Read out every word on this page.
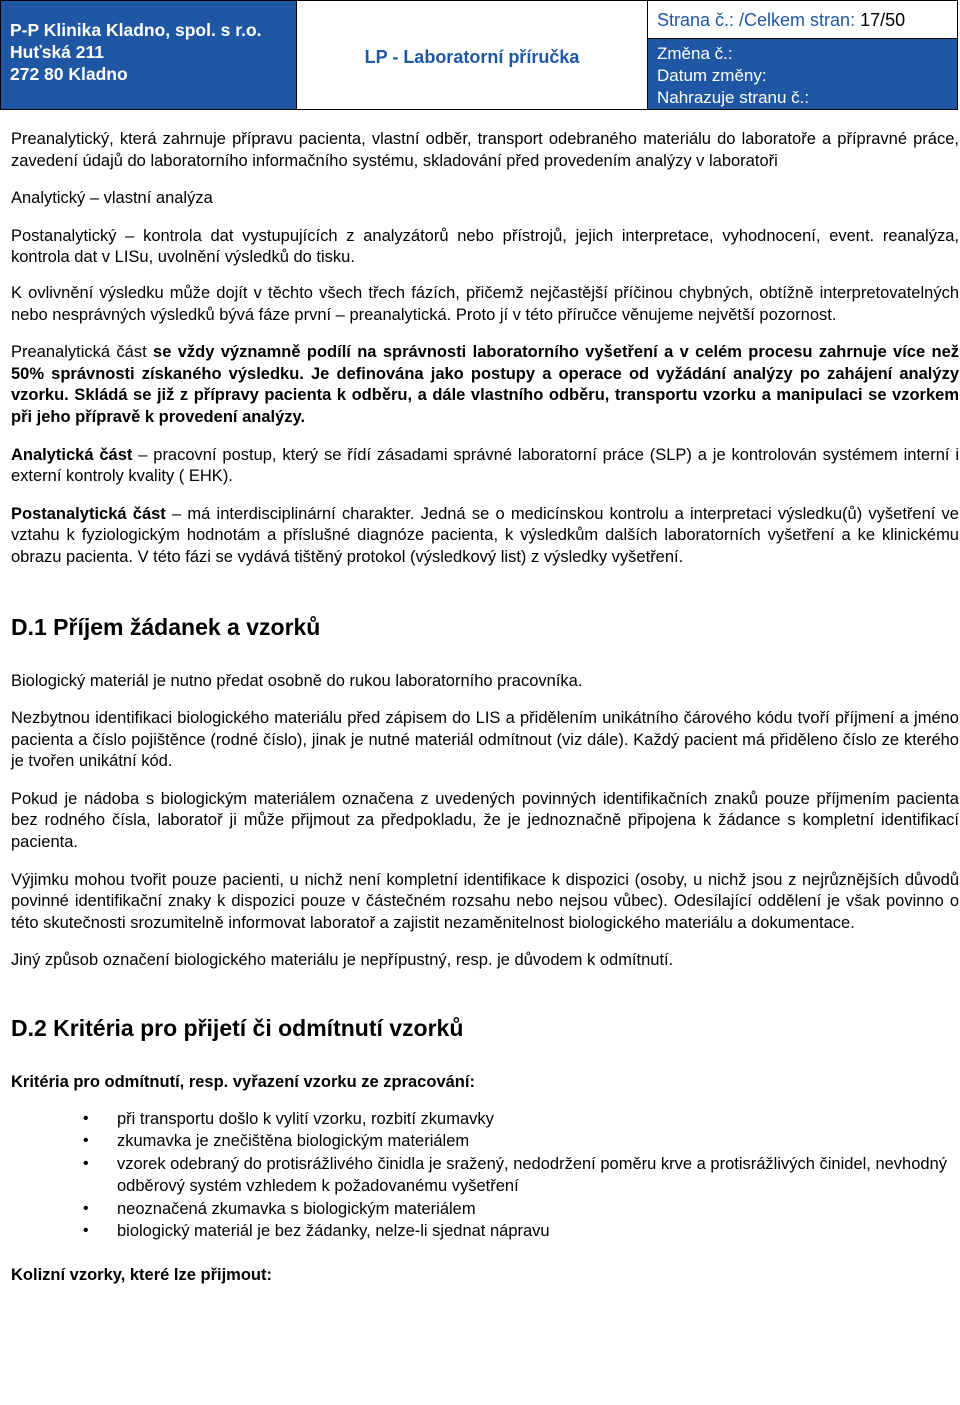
P-P Klinika Kladno, spol. s r.o.
Huťská 211
272 80 Kladno
LP - Laboratorní příručka
Strana č.: /Celkem stran: 17/50
Změna č.:
Datum změny:
Nahrazuje stranu č.:

Preanalytický, která zahrnuje přípravu pacienta, vlastní odběr, transport odebraného materiálu do laboratoře a přípravné práce, zavedení údajů do laboratorního informačního systému, skladování před provedením analýzy v laboratoři

Analytický – vlastní analýza

Postanalytický – kontrola dat vystupujících z analyzátorů nebo přístrojů, jejich interpretace, vyhodnocení, event. reanalýza, kontrola dat v LISu, uvolnění výsledků do tisku.

K ovlivnění výsledku může dojít v těchto všech třech fázích, přičemž nejčastější příčinou chybných, obtížně interpretovatelných nebo nesprávných výsledků bývá fáze první – preanalytická. Proto jí v této příručce věnujeme největší pozornost.

Preanalytická část se vždy významně podílí na správnosti laboratorního vyšetření a v celém procesu zahrnuje více než 50% správnosti získaného výsledku. Je definována jako postupy a operace od vyžádání analýzy po zahájení analýzy vzorku. Skládá se již z přípravy pacienta k odběru, a dále vlastního odběru, transportu vzorku a manipulaci se vzorkem při jeho přípravě k provedení analýzy.

Analytická část – pracovní postup, který se řídí zásadami správné laboratorní práce (SLP) a je kontrolován systémem interní i externí kontroly kvality ( EHK).

Postanalytická část – má interdisciplinární charakter. Jedná se o medicínskou kontrolu a interpretaci výsledku(ů) vyšetření ve vztahu k fyziologickým hodnotám a příslušné diagnóze pacienta, k výsledkům dalších laboratorních vyšetření a ke klinickému obrazu pacienta. V této fázi se vydává tištěný protokol (výsledkový list) z výsledky vyšetření.

D.1 Příjem žádanek a vzorků

Biologický materiál je nutno předat osobně do rukou laboratorního pracovníka.

Nezbytnou identifikaci biologického materiálu před zápisem do LIS a přidělením unikátního čárového kódu tvoří příjmení a jméno pacienta a číslo pojištěnce (rodné číslo), jinak je nutné materiál odmítnout (viz dále). Každý pacient má přiděleno číslo ze kterého je tvořen unikátní kód.

Pokud je nádoba s biologickým materiálem označena z uvedených povinných identifikačních znaků pouze příjmením pacienta bez rodného čísla, laboratoř ji může přijmout za předpokladu, že je jednoznačně připojena k žádance s kompletní identifikací pacienta.

Výjimku mohou tvořit pouze pacienti, u nichž není kompletní identifikace k dispozici (osoby, u nichž jsou z nejrůznějších důvodů povinné identifikační znaky k dispozici pouze v částečném rozsahu nebo nejsou vůbec). Odesílající oddělení je však povinno o této skutečnosti srozumitelně informovat laboratoř a zajistit nezaměnitelnost biologického materiálu a dokumentace.

Jiný způsob označení biologického materiálu je nepřípustný, resp. je důvodem k odmítnutí.

D.2 Kritéria pro přijetí či odmítnutí vzorků

Kritéria pro odmítnutí, resp. vyřazení vzorku ze zpracování:

• při transportu došlo k vylití vzorku, rozbití zkumavky
• zkumavka je znečištěna biologickým materiálem
• vzorek odebraný do protisrážlivého činidla je sražený, nedodržení poměru krve a protisrážlivých činidel, nevhodný odběrový systém vzhledem k požadovanému vyšetření
• neoznačená zkumavka s biologickým materiálem
• biologický materiál je bez žádanky, nelze-li sjednat nápravu

Kolizní vzorky, které lze přijmout:
